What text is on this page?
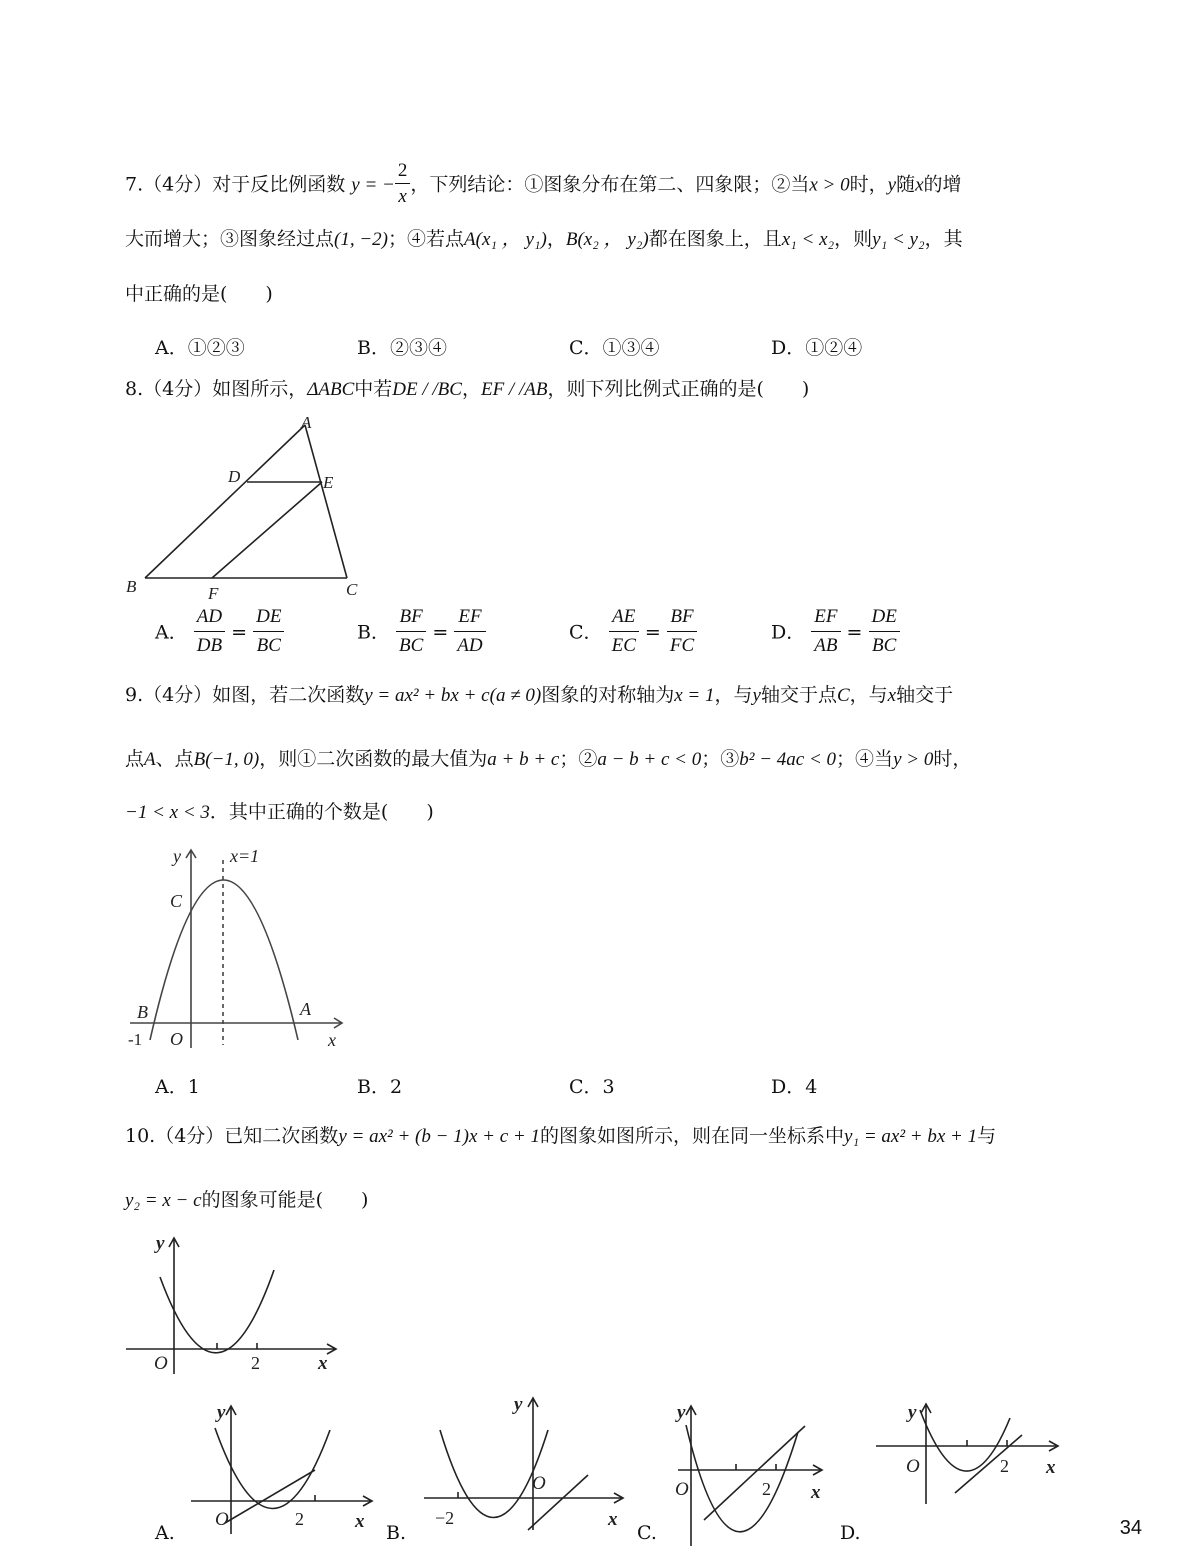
7.（4分）对于反比例函数 y = − $\frac{2}{x}$ ，下列结论：①图象分布在第二、四象限；②当x > 0时，y随x的增
大而增大；③图象经过点(1, −2)；④若点A(x₁ ， y₁)，B(x₂ ， y₂)都在图象上，且x₁ < x₂，则y₁ < y₂，其
中正确的是(　　)
A．①②③	B．②③④	C．①③④	D．①②④
8.（4分）如图所示，ΔABC中若DE / /BC，EF / /AB，则下列比例式正确的是(　　)
A
D	E
B	F	C
A． $\frac{AD}{DB} = \frac{DE}{BC}$	B． $\frac{BF}{BC} = \frac{EF}{AD}$	C． $\frac{AE}{EC} = \frac{BF}{FC}$	D． $\frac{EF}{AB} = \frac{DE}{BC}$
9.（4分）如图，若二次函数y = ax² + bx + c(a ≠ 0)图象的对称轴为x = 1，与y轴交于点C，与x轴交于
点A、点B(−1, 0)，则①二次函数的最大值为a + b + c；②a − b + c < 0；③b² − 4ac < 0；④当y > 0时，
−1 < x < 3．其中正确的个数是(　　)
y	x=1
C
B	A
O
-1	x
A．1	B．2	C．3	D．4
10.（4分）已知二次函数y = ax² + (b − 1)x + c + 1的图象如图所示，则在同一坐标系中y₁ = ax² + bx + 1与
y₂ = x − c的图象可能是(　　)
y
O	2	x
A.
y
O	2	x
B.
y
O
−2	x
C.
y
O	2 x
D.
y
O	2 x
34
